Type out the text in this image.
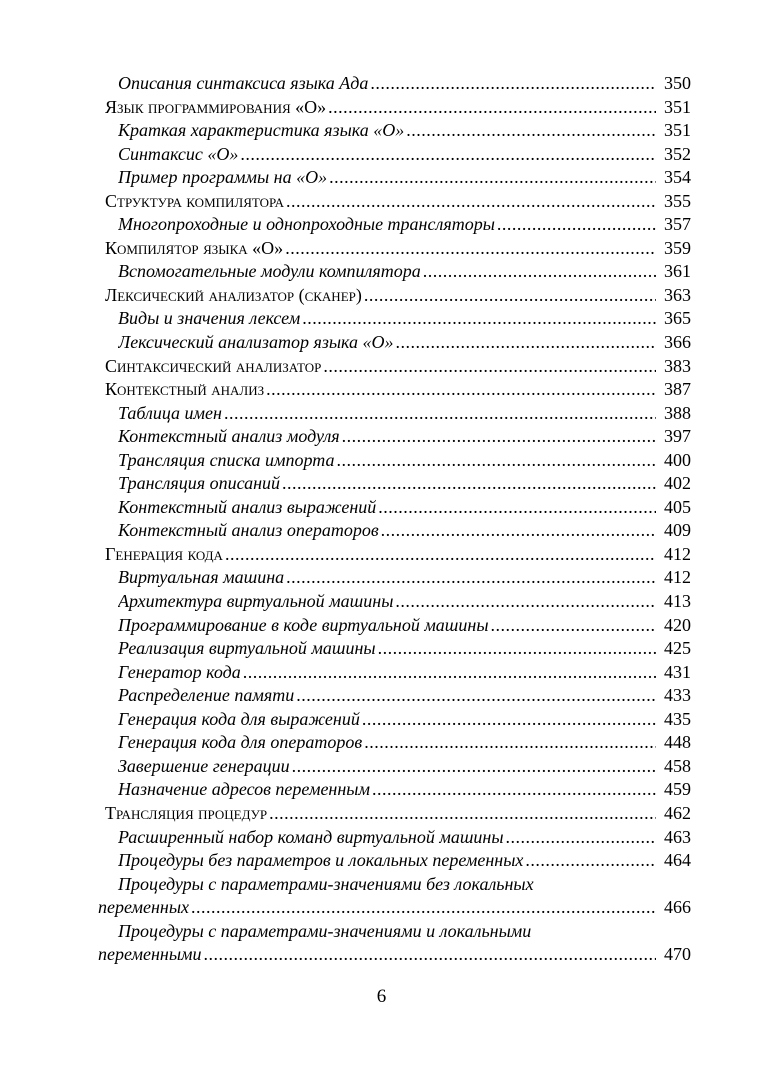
Описания синтаксиса языка Ада .....	350
Язык программирования «О» .....	351
Краткая характеристика языка «О» .....	351
Синтаксис «О» .....	352
Пример программы на «О» .....	354
Структура компилятора .....	355
Многопроходные и однопроходные трансляторы .....	357
Компилятор языка «О» .....	359
Вспомогательные модули компилятора .....	361
Лексический анализатор (сканер) .....	363
Виды и значения лексем .....	365
Лексический анализатор языка «О» .....	366
Синтаксический анализатор .....	383
Контекстный анализ .....	387
Таблица имен .....	388
Контекстный анализ модуля .....	397
Трансляция списка импорта .....	400
Трансляция описаний .....	402
Контекстный анализ выражений .....	405
Контекстный анализ операторов .....	409
Генерация кода .....	412
Виртуальная машина .....	412
Архитектура виртуальной машины .....	413
Программирование в коде виртуальной машины .....	420
Реализация виртуальной машины .....	425
Генератор кода .....	431
Распределение памяти .....	433
Генерация кода для выражений .....	435
Генерация кода для операторов .....	448
Завершение генерации .....	458
Назначение адресов переменным .....	459
Трансляция процедур .....	462
Расширенный набор команд виртуальной машины .....	463
Процедуры без параметров и локальных переменных .....	464
Процедуры с параметрами-значениями без локальных
переменных .....	466
Процедуры с параметрами-значениями и локальными
переменными .....	470
6
